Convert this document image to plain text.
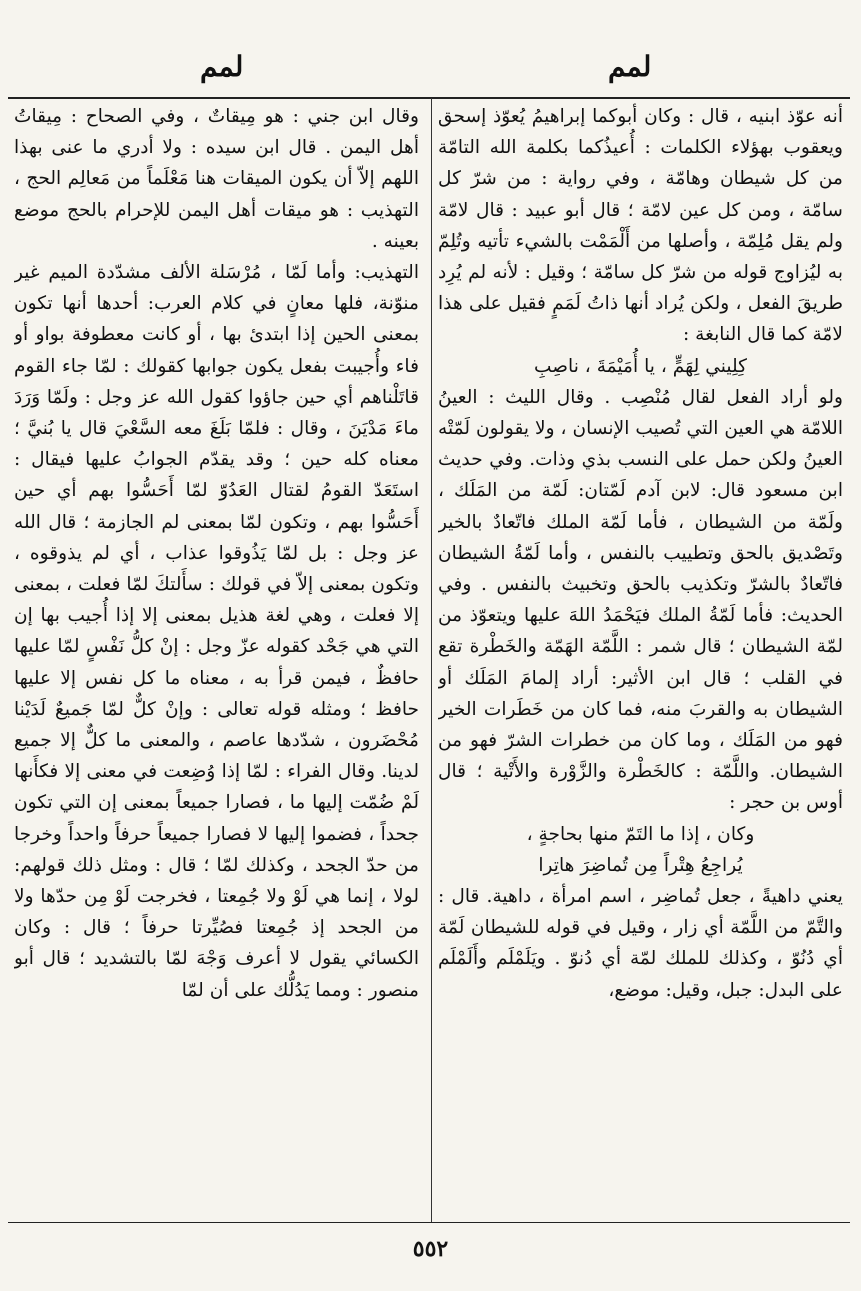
لمم
لمم

أنه عوّذ ابنيه ، قال : وكان أبوكما إبراهيمُ يُعوّذ إسحق ويعقوب بهؤلاء الكلمات : أُعيذُكما بكلمة الله التامّة من كل شيطان وهامّة ، وفي رواية : من شرّ كل سامّة ، ومن كل عين لامّة ؛ قال أبو عبيد : قال لامّة ولم يقل مُلِمّة ، وأصلها من أَلْمَمْت بالشيء تأتيه وتُلِمّ به ليُزاوج قوله من شرّ كل سامّة ؛ وقيل : لأنه لم يُرِد طريقَ الفعل ، ولكن يُراد أنها ذاتُ لَمَمٍ فقيل على هذا لامّة كما قال النابغة :

كِلِيني لِهَمٍّ ، يا أُمَيْمَةَ ، ناصِبِ

ولو أراد الفعل لقال مُنْصِب . وقال الليث : العينُ اللامّة هي العين التي تُصيب الإنسان ، ولا يقولون لَمّتْه العينُ ولكن حمل على النسب بذي وذات. وفي حديث ابن مسعود قال: لابن آدم لَمّتان: لَمّة من المَلَك ، ولَمّة من الشيطان ، فأما لَمّة الملك فاتّعادٌ بالخير وتَصْديق بالحق وتطييب بالنفس ، وأما لَمّةُ الشيطان فاتّعادٌ بالشرّ وتكذيب بالحق وتخبيث بالنفس . وفي الحديث: فأما لَمّةُ الملك فيَحْمَدُ اللهَ عليها ويتعوّذ من لمّة الشيطان ؛ قال شمر : اللَّمّة الهَمّة والخَطْرة تقع في القلب ؛ قال ابن الأثير: أراد إلمامَ المَلَك أو الشيطان به والقربَ منه، فما كان من خَطَرات الخير فهو من المَلَك ، وما كان من خطرات الشرّ فهو من الشيطان. واللَّمّة : كالخَطْرة والزَّوْرة والأَتْية ؛ قال أوس بن حجر :

وكان ، إذا ما التَمّ منها بحاجةٍ ،

يُراجِعُ هِتْراً مِن تُماضِرَ هاتِرا

يعني داهيةً ، جعل تُماضِر ، اسم امرأة ، داهية. قال : والتَّمّ من اللَّمّة أي زار ، وقيل في قوله للشيطان لَمّة أي دُنُوّ ، وكذلك للملك لمّة أي دُنوّ . ويَلَمْلَم وأَلَمْلَم على البدل: جبل، وقيل: موضع،

وقال ابن جني : هو مِيقاتٌ ، وفي الصحاح : مِيقاتُ أهل اليمن . قال ابن سيده : ولا أدري ما عنى بهذا اللهم إلاّ أن يكون الميقات هنا مَعْلَماً من مَعالِم الحج ، التهذيب : هو ميقات أهل اليمن للإحرام بالحج موضع بعينه .

التهذيب: وأما لَمّا ، مُرْسَلة الألف مشدّدة الميم غير منوّنة، فلها معانٍ في كلام العرب: أحدها أنها تكون بمعنى الحين إذا ابتدئ بها ، أو كانت معطوفة بواو أو فاء وأُجيبت بفعل يكون جوابها كقولك : لمّا جاء القوم قاتَلْناهم أي حين جاؤوا كقول الله عز وجل : ولَمّا وَرَدَ ماءَ مَدْيَنَ ، وقال : فلمّا بَلَغَ معه السَّعْيَ قال يا بُنيَّ ؛ معناه كله حين ؛ وقد يقدّم الجوابُ عليها فيقال : استَعَدّ القومُ لقتال العَدُوّ لمّا أَحَسُّوا بهم أي حين أَحَسُّوا بهم ، وتكون لمّا بمعنى لم الجازمة ؛ قال الله عز وجل : بل لمّا يَذُوقوا عذاب ، أي لم يذوقوه ، وتكون بمعنى إلاّ في قولك : سأَلتكَ لمّا فعلت ، بمعنى إلا فعلت ، وهي لغة هذيل بمعنى إلا إذا أُجيب بها إن التي هي جَحْد كقوله عزّ وجل : إنْ كلُّ نَفْسٍ لمّا عليها حافظٌ ، فيمن قرأ به ، معناه ما كل نفس إلا عليها حافظ ؛ ومثله قوله تعالى : وإنْ كلٌّ لمّا جَميعٌ لَدَيْنا مُحْضَرون ، شدّدها عاصم ، والمعنى ما كلٌّ إلا جميع لدينا. وقال الفراء : لمّا إذا وُضِعت في معنى إلا فكأَنها لَمْ ضُمّت إليها ما ، فصارا جميعاً بمعنى إن التي تكون جحداً ، فضموا إليها لا فصارا جميعاً حرفاً واحداً وخرجا من حدّ الجحد ، وكذلك لمّا ؛ قال : ومثل ذلك قولهم: لولا ، إنما هي لَوْ ولا جُمِعتا ، فخرجت لَوْ مِن حدّها ولا من الجحد إذ جُمِعتا فصُيِّرتا حرفاً ؛ قال : وكان الكسائي يقول لا أعرف وَجْهَ لمّا بالتشديد ؛ قال أبو منصور : ومما يَدُلُّك على أن لمّا

٥٥٢
